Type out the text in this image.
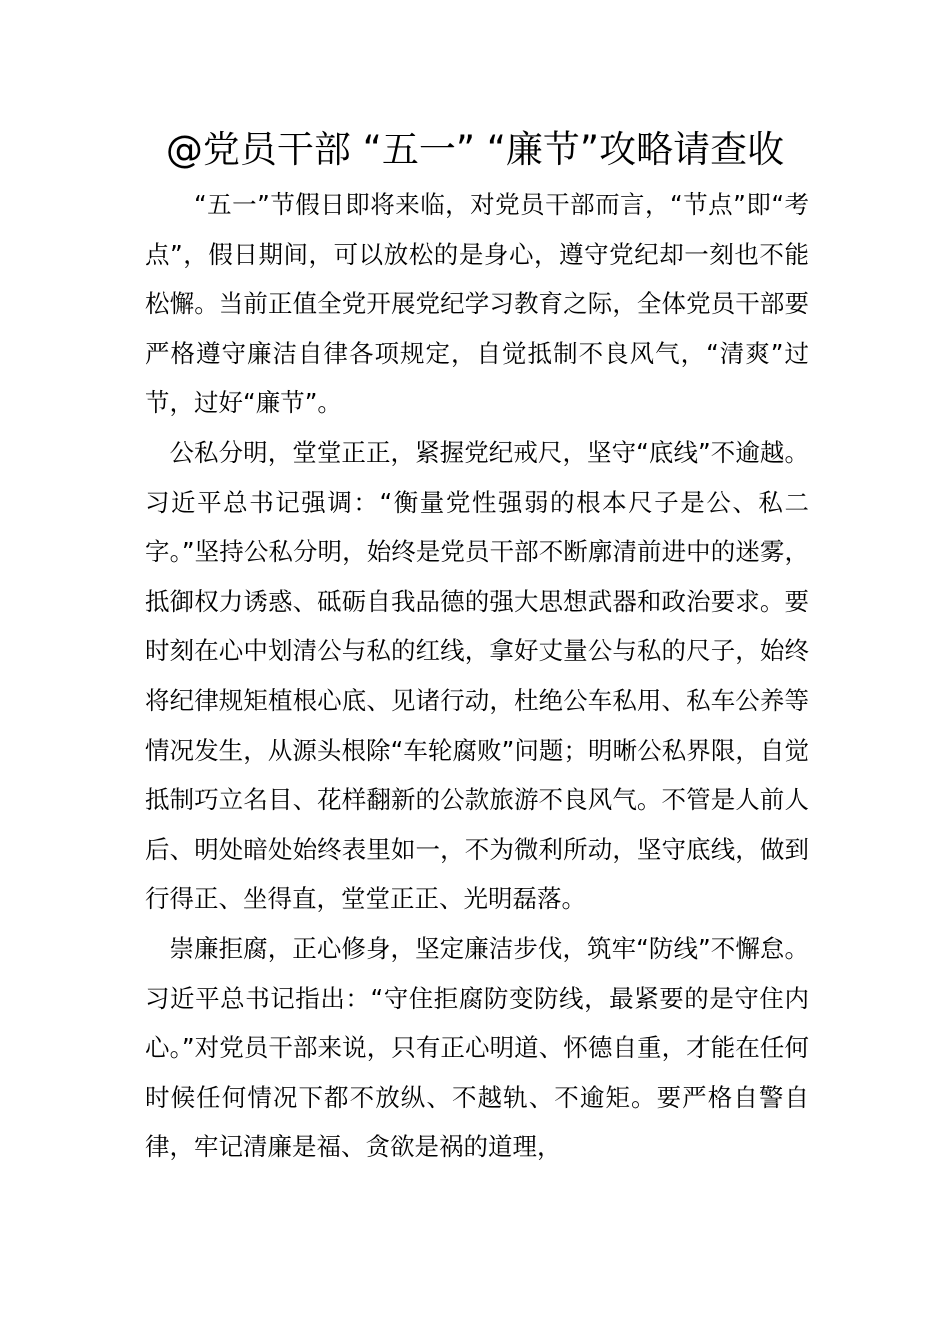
@党员干部 “五一” “廉节”攻略请查收

“五一”节假日即将来临，对党员干部而言，“节点”即“考点”，假日期间，可以放松的是身心，遵守党纪却一刻也不能松懈。当前正值全党开展党纪学习教育之际，全体党员干部要严格遵守廉洁自律各项规定，自觉抵制不良风气，“清爽”过节，过好“廉节”。

公私分明，堂堂正正，紧握党纪戒尺，坚守“底线”不逾越。习近平总书记强调：“衡量党性强弱的根本尺子是公、私二字。”坚持公私分明，始终是党员干部不断廓清前进中的迷雾，抵御权力诱惑、砥砺自我品德的强大思想武器和政治要求。要时刻在心中划清公与私的红线，拿好丈量公与私的尺子，始终将纪律规矩植根心底、见诸行动，杜绝公车私用、私车公养等情况发生，从源头根除“车轮腐败”问题；明晰公私界限，自觉抵制巧立名目、花样翻新的公款旅游不良风气。不管是人前人后、明处暗处始终表里如一，不为微利所动，坚守底线，做到行得正、坐得直，堂堂正正、光明磊落。

崇廉拒腐，正心修身，坚定廉洁步伐，筑牢“防线”不懈怠。习近平总书记指出：“守住拒腐防变防线，最紧要的是守住内心。”对党员干部来说，只有正心明道、怀德自重，才能在任何时候任何情况下都不放纵、不越轨、不逾矩。要严格自警自律，牢记清廉是福、贪欲是祸的道理，
